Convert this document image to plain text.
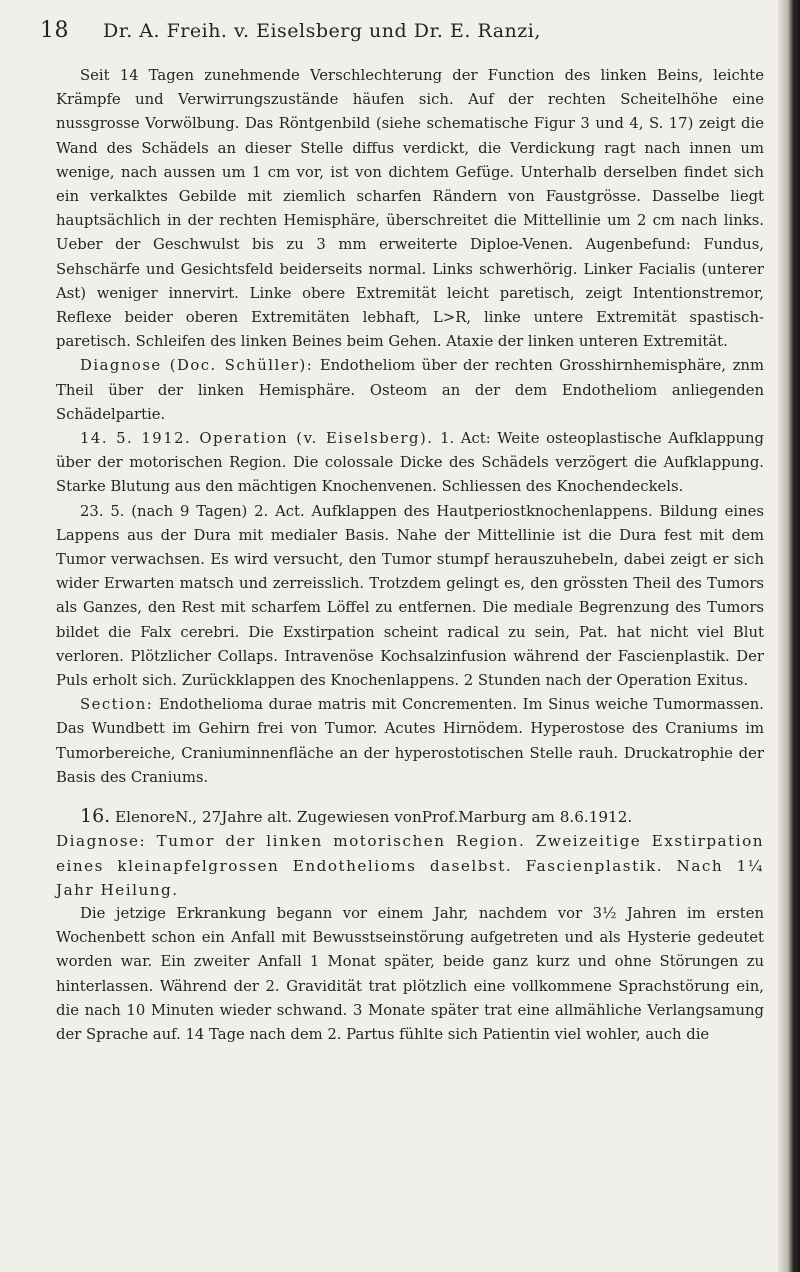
18 Dr. A. Freih. v. Eiselsberg und Dr. E. Ranzi,

Seit 14 Tagen zunehmende Verschlechterung der Function des linken Beins, leichte Krämpfe und Verwirrungszustände häufen sich. Auf der rechten Scheitelhöhe eine nussgrosse Vorwölbung. Das Röntgenbild (siehe schematische Figur 3 und 4, S. 17) zeigt die Wand des Schädels an dieser Stelle diffus verdickt, die Verdickung ragt nach innen um wenige, nach aussen um 1 cm vor, ist von dichtem Gefüge. Unterhalb derselben findet sich ein verkalktes Gebilde mit ziemlich scharfen Rändern von Faustgrösse. Dasselbe liegt hauptsächlich in der rechten Hemisphäre, überschreitet die Mittellinie um 2 cm nach links. Ueber der Geschwulst bis zu 3 mm erweiterte Diploe-Venen. Augenbefund: Fundus, Sehschärfe und Gesichtsfeld beiderseits normal. Links schwerhörig. Linker Facialis (unterer Ast) weniger innervirt. Linke obere Extremität leicht paretisch, zeigt Intentionstremor, Reflexe beider oberen Extremitäten lebhaft, L>R, linke untere Extremität spastisch-paretisch. Schleifen des linken Beines beim Gehen. Ataxie der linken unteren Extremität.

Diagnose (Doc. Schüller): Endotheliom über der rechten Grosshirnhemisphäre, znm Theil über der linken Hemisphäre. Osteom an der dem Endotheliom anliegenden Schädelpartie.

14. 5. 1912. Operation (v. Eiselsberg). 1. Act: Weite osteoplastische Aufklappung über der motorischen Region. Die colossale Dicke des Schädels verzögert die Aufklappung. Starke Blutung aus den mächtigen Knochenvenen. Schliessen des Knochendeckels.

23. 5. (nach 9 Tagen) 2. Act. Aufklappen des Hautperiostknochenlappens. Bildung eines Lappens aus der Dura mit medialer Basis. Nahe der Mittellinie ist die Dura fest mit dem Tumor verwachsen. Es wird versucht, den Tumor stumpf herauszuhebeln, dabei zeigt er sich wider Erwarten matsch und zerreisslich. Trotzdem gelingt es, den grössten Theil des Tumors als Ganzes, den Rest mit scharfem Löffel zu entfernen. Die mediale Begrenzung des Tumors bildet die Falx cerebri. Die Exstirpation scheint radical zu sein, Pat. hat nicht viel Blut verloren. Plötzlicher Collaps. Intravenöse Kochsalzinfusion während der Fascienplastik. Der Puls erholt sich. Zurückklappen des Knochenlappens. 2 Stunden nach der Operation Exitus.

Section: Endothelioma durae matris mit Concrementen. Im Sinus weiche Tumormassen. Das Wundbett im Gehirn frei von Tumor. Acutes Hirnödem. Hyperostose des Craniums im Tumorbereiche, Craniuminnenfläche an der hyperostotischen Stelle rauh. Druckatrophie der Basis des Craniums.

16. ElenoreN., 27Jahre alt. Zugewiesen vonProf.Marburg am 8.6.1912.
Diagnose: Tumor der linken motorischen Region. Zweizeitige Exstirpation eines kleinapfelgrossen Endothelioms daselbst. Fascienplastik. Nach 1¼ Jahr Heilung.

Die jetzige Erkrankung begann vor einem Jahr, nachdem vor 3½ Jahren im ersten Wochenbett schon ein Anfall mit Bewusstseinstörung aufgetreten und als Hysterie gedeutet worden war. Ein zweiter Anfall 1 Monat später, beide ganz kurz und ohne Störungen zu hinterlassen. Während der 2. Gravidität trat plötzlich eine vollkommene Sprachstörung ein, die nach 10 Minuten wieder schwand. 3 Monate später trat eine allmähliche Verlangsamung der Sprache auf. 14 Tage nach dem 2. Partus fühlte sich Patientin viel wohler, auch die
